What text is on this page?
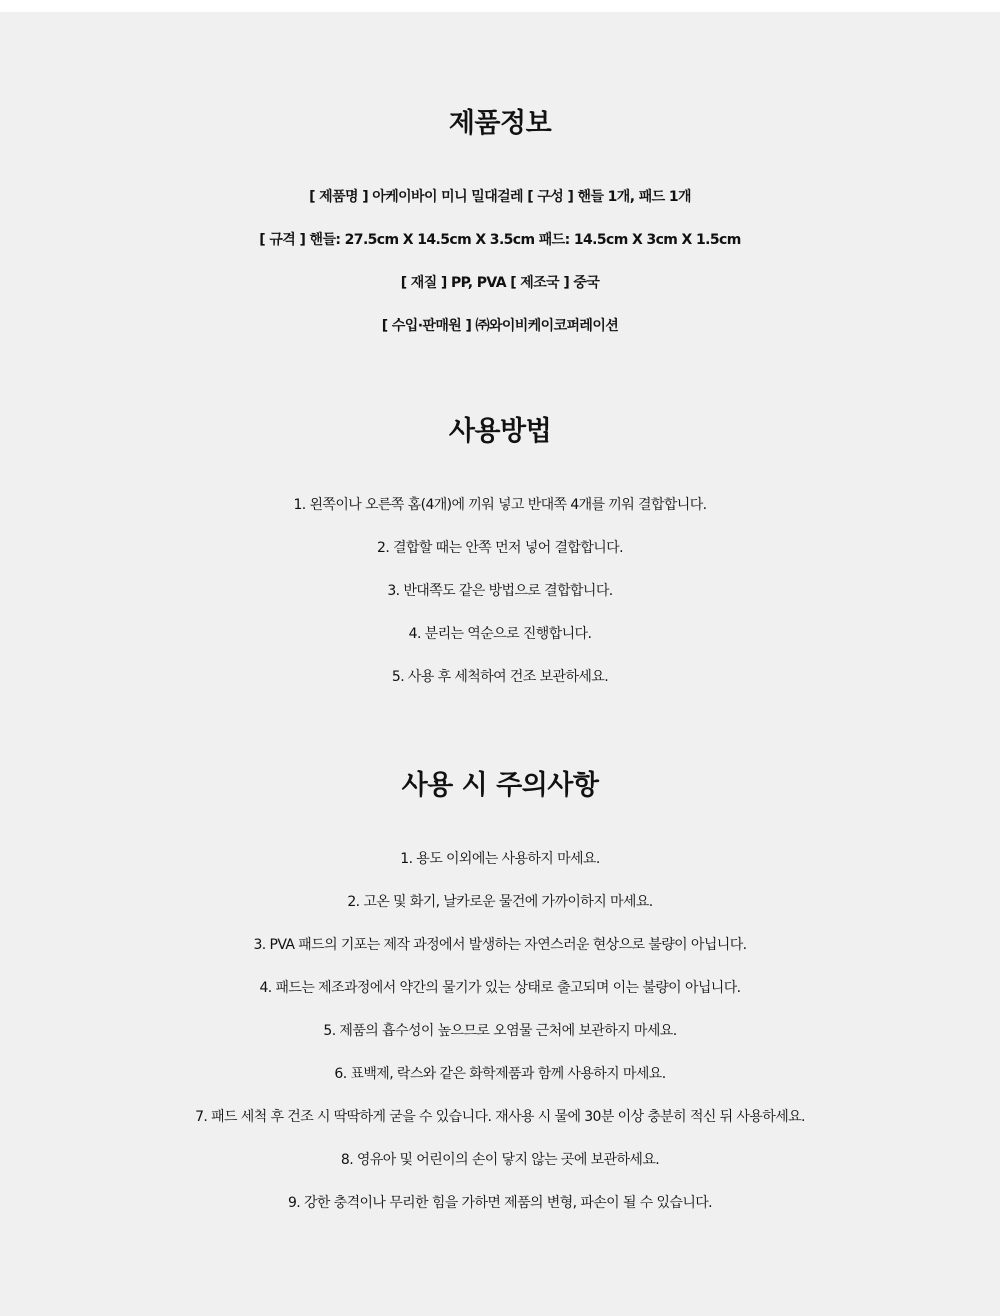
제품정보
[ 제품명 ] 아케이바이 미니 밀대걸레 [ 구성 ] 핸들 1개, 패드 1개
[ 규격 ] 핸들: 27.5cm X 14.5cm X 3.5cm 패드: 14.5cm X 3cm X 1.5cm
[ 재질 ] PP, PVA [ 제조국 ] 중국
[ 수입·판매원 ] ㈜와이비케이코퍼레이션
사용방법
1. 왼쪽이나 오른쪽 홈(4개)에 끼워 넣고 반대쪽 4개를 끼워 결합합니다.
2. 결합할 때는 안쪽 먼저 넣어 결합합니다.
3. 반대쪽도 같은 방법으로 결합합니다.
4. 분리는 역순으로 진행합니다.
5. 사용 후 세척하여 건조 보관하세요.
사용 시 주의사항
1. 용도 이외에는 사용하지 마세요.
2. 고온 및 화기, 날카로운 물건에 가까이하지 마세요.
3. PVA 패드의 기포는 제작 과정에서 발생하는 자연스러운 현상으로 불량이 아닙니다.
4. 패드는 제조과정에서 약간의 물기가 있는 상태로 출고되며 이는 불량이 아닙니다.
5. 제품의 흡수성이 높으므로 오염물 근처에 보관하지 마세요.
6. 표백제, 락스와 같은 화학제품과 함께 사용하지 마세요.
7. 패드 세척 후 건조 시 딱딱하게 굳을 수 있습니다. 재사용 시 물에 30분 이상 충분히 적신 뒤 사용하세요.
8. 영유아 및 어린이의 손이 닿지 않는 곳에 보관하세요.
9. 강한 충격이나 무리한 힘을 가하면 제품의 변형, 파손이 될 수 있습니다.
